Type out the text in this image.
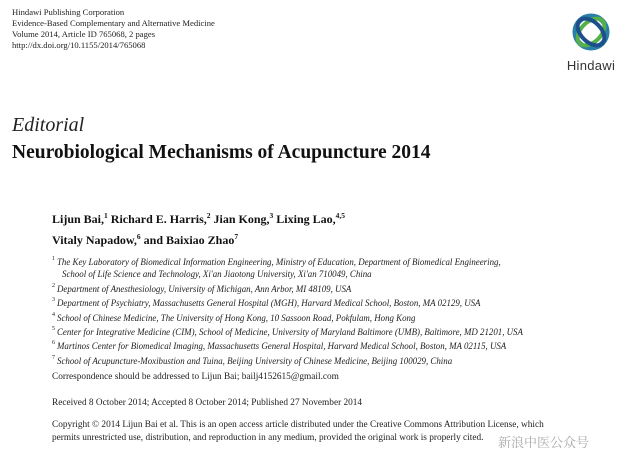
Hindawi Publishing Corporation
Evidence-Based Complementary and Alternative Medicine
Volume 2014, Article ID 765068, 2 pages
http://dx.doi.org/10.1155/2014/765068
Hindawi
Editorial
Neurobiological Mechanisms of Acupuncture 2014
Lijun Bai,$^1$ Richard E. Harris,$^2$ Jian Kong,$^3$ Lixing Lao,$^{4,5}$
Vitaly Napadow,$^6$ and Baixiao Zhao$^7$
$^1$ The Key Laboratory of Biomedical Information Engineering, Ministry of Education, Department of Biomedical Engineering,
School of Life Science and Technology, Xi'an Jiaotong University, Xi'an 710049, China
$^2$ Department of Anesthesiology, University of Michigan, Ann Arbor, MI 48109, USA
$^3$ Department of Psychiatry, Massachusetts General Hospital (MGH), Harvard Medical School, Boston, MA 02129, USA
$^4$ School of Chinese Medicine, The University of Hong Kong, 10 Sassoon Road, Pokfulam, Hong Kong
$^5$ Center for Integrative Medicine (CIM), School of Medicine, University of Maryland Baltimore (UMB), Baltimore, MD 21201, USA
$^6$ Martinos Center for Biomedical Imaging, Massachusetts General Hospital, Harvard Medical School, Boston, MA 02115, USA
$^7$ School of Acupuncture-Moxibustion and Tuina, Beijing University of Chinese Medicine, Beijing 100029, China
Correspondence should be addressed to Lijun Bai; bailj4152615@gmail.com
Received 8 October 2014; Accepted 8 October 2014; Published 27 November 2014
Copyright © 2014 Lijun Bai et al. This is an open access article distributed under the Creative Commons Attribution License, which
permits unrestricted use, distribution, and reproduction in any medium, provided the original work is properly cited.	新浪中医公众号
